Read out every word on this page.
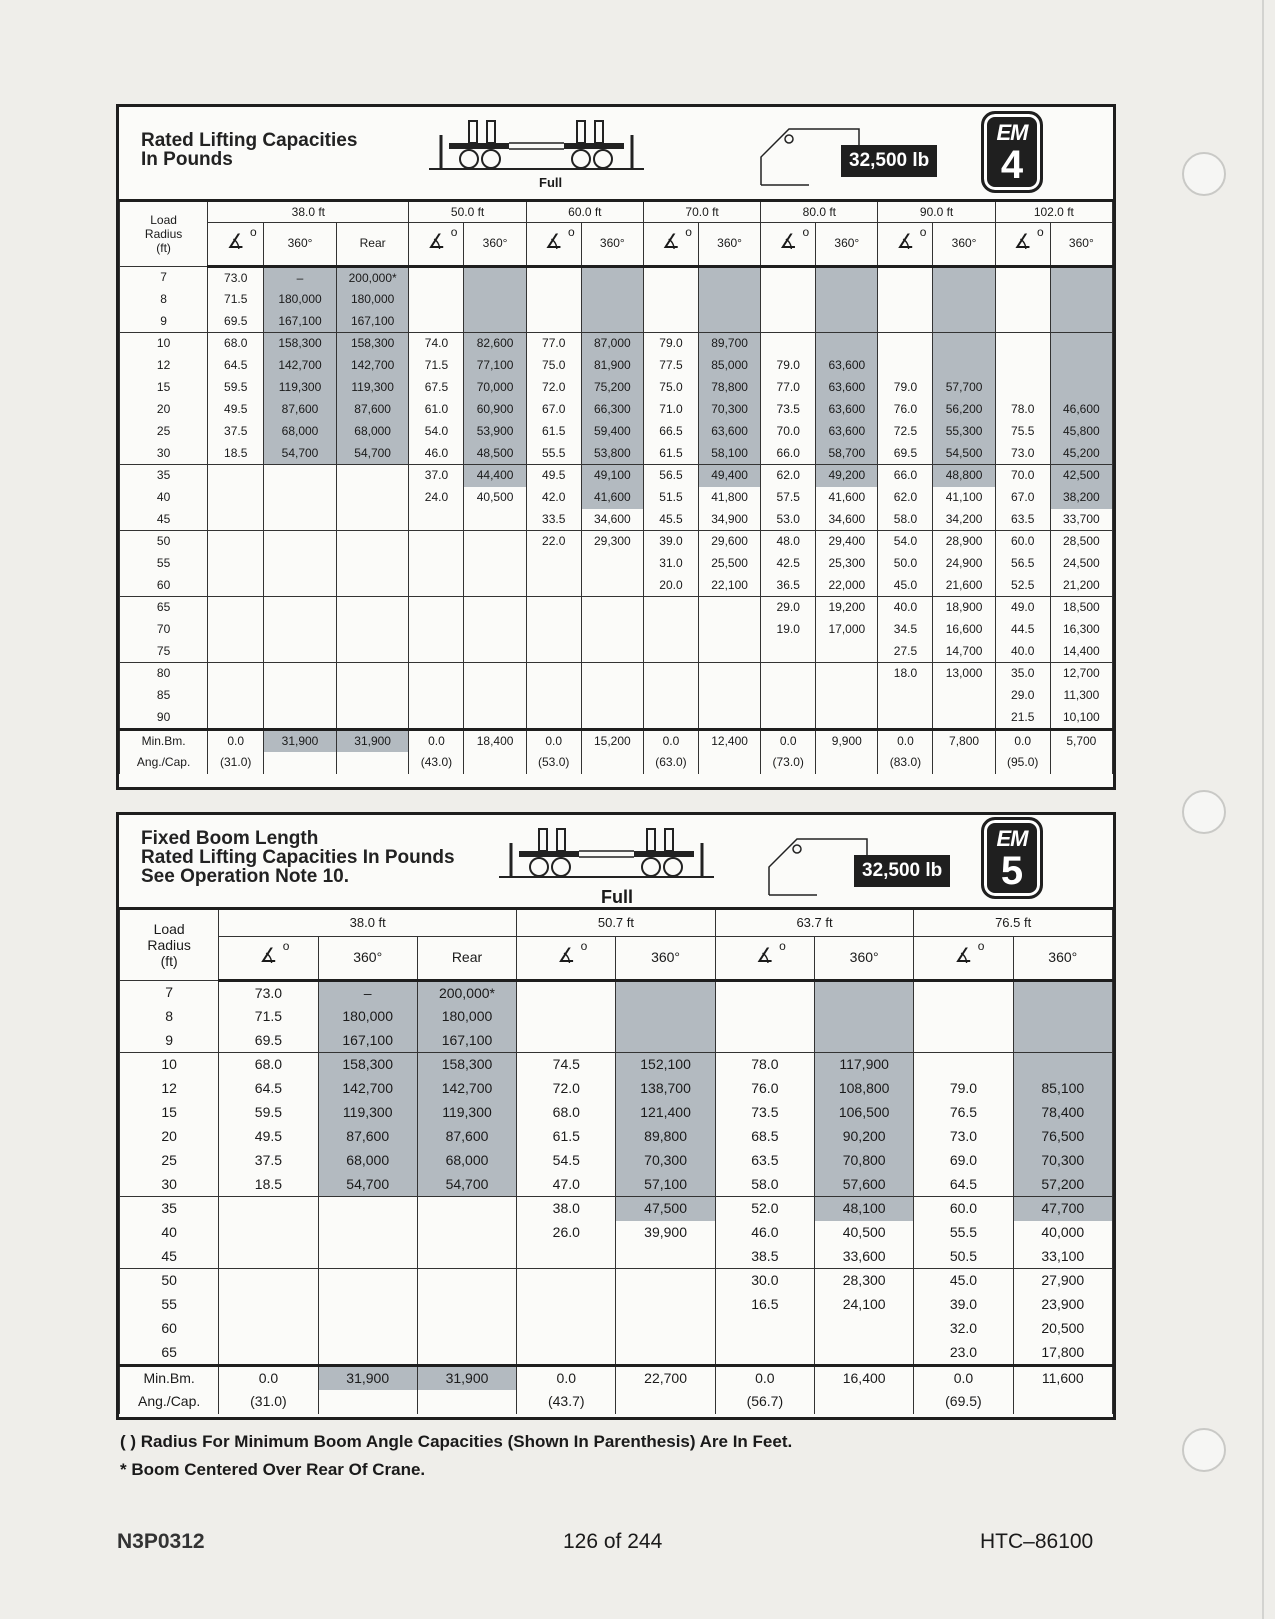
Rated Lifting Capacities
In Pounds
Full
32,500 lb
EM
4
Load
Radius
(ft)	38.0 ft			50.0 ft		60.0 ft		70.0 ft		80.0 ft		90.0 ft		102.0 ft	
	∡ o	360°	Rear	∡ o	360°	∡ o	360°	∡ o	360°	∡ o	360°	∡ o	360°	∡ o	360°
7	73.0	–	200,000*												
8	71.5	180,000	180,000												
9	69.5	167,100	167,100												
10	68.0	158,300	158,300	74.0	82,600	77.0	87,000	79.0	89,700						
12	64.5	142,700	142,700	71.5	77,100	75.0	81,900	77.5	85,000	79.0	63,600				
15	59.5	119,300	119,300	67.5	70,000	72.0	75,200	75.0	78,800	77.0	63,600	79.0	57,700		
20	49.5	87,600	87,600	61.0	60,900	67.0	66,300	71.0	70,300	73.5	63,600	76.0	56,200	78.0	46,600
25	37.5	68,000	68,000	54.0	53,900	61.5	59,400	66.5	63,600	70.0	63,600	72.5	55,300	75.5	45,800
30	18.5	54,700	54,700	46.0	48,500	55.5	53,800	61.5	58,100	66.0	58,700	69.5	54,500	73.0	45,200
35				37.0	44,400	49.5	49,100	56.5	49,400	62.0	49,200	66.0	48,800	70.0	42,500
40				24.0	40,500	42.0	41,600	51.5	41,800	57.5	41,600	62.0	41,100	67.0	38,200
45						33.5	34,600	45.5	34,900	53.0	34,600	58.0	34,200	63.5	33,700
50						22.0	29,300	39.0	29,600	48.0	29,400	54.0	28,900	60.0	28,500
55								31.0	25,500	42.5	25,300	50.0	24,900	56.5	24,500
60								20.0	22,100	36.5	22,000	45.0	21,600	52.5	21,200
65										29.0	19,200	40.0	18,900	49.0	18,500
70										19.0	17,000	34.5	16,600	44.5	16,300
75												27.5	14,700	40.0	14,400
80												18.0	13,000	35.0	12,700
85														29.0	11,300
90														21.5	10,100
Min.Bm.	0.0	31,900	31,900	0.0	18,400	0.0	15,200	0.0	12,400	0.0	9,900	0.0	7,800	0.0	5,700
Ang./Cap.	(31.0)			(43.0)		(53.0)		(63.0)		(73.0)		(83.0)		(95.0)	
Fixed Boom Length
Rated Lifting Capacities In Pounds
See Operation Note 10.
Full
32,500 lb
EM
5
Load
Radius
(ft)	38.0 ft			50.7 ft		63.7 ft		76.5 ft	
	∡ o	360°	Rear	∡ o	360°	∡ o	360°	∡ o	360°
7	73.0	–	200,000*						
8	71.5	180,000	180,000						
9	69.5	167,100	167,100						
10	68.0	158,300	158,300	74.5	152,100	78.0	117,900		
12	64.5	142,700	142,700	72.0	138,700	76.0	108,800	79.0	85,100
15	59.5	119,300	119,300	68.0	121,400	73.5	106,500	76.5	78,400
20	49.5	87,600	87,600	61.5	89,800	68.5	90,200	73.0	76,500
25	37.5	68,000	68,000	54.5	70,300	63.5	70,800	69.0	70,300
30	18.5	54,700	54,700	47.0	57,100	58.0	57,600	64.5	57,200
35				38.0	47,500	52.0	48,100	60.0	47,700
40				26.0	39,900	46.0	40,500	55.5	40,000
45						38.5	33,600	50.5	33,100
50						30.0	28,300	45.0	27,900
55						16.5	24,100	39.0	23,900
60								32.0	20,500
65								23.0	17,800
Min.Bm.	0.0	31,900	31,900	0.0	22,700	0.0	16,400	0.0	11,600
Ang./Cap.	(31.0)			(43.7)		(56.7)		(69.5)	
( ) Radius For Minimum Boom Angle Capacities (Shown In Parenthesis) Are In Feet.
* Boom Centered Over Rear Of Crane.
N3P0312	126 of 244	HTC–86100
